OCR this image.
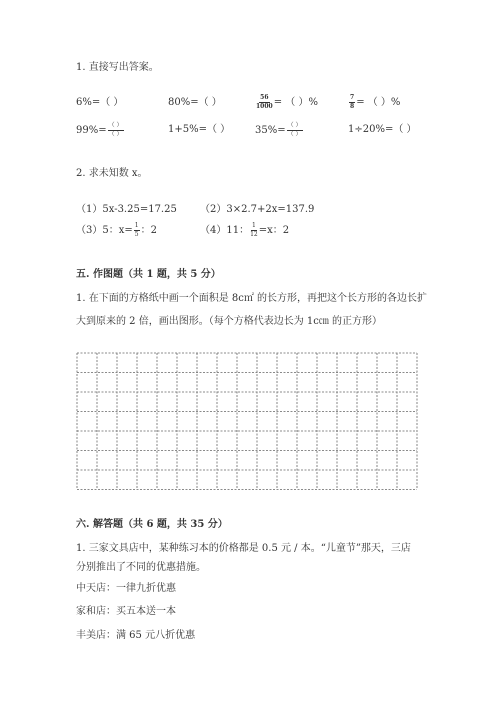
1. 直接写出答案。
6%=（ ）	80%=（ ）	$\frac{56}{1000}$ = （ ）%	$\frac{7}{8}$ = （ ）%
$99\%= \frac{( )}{( )}$	1+5%=（ ） $35\%= \frac{( )}{( )}$	1÷20%=（ ）
2. 求未知数 x。
（1）5x-3.25=17.25 （2）3×2.7+2x=137.9
（3）5：$x= \frac{1}{5}$ ：2	（4）11： $\frac{1}{12} =x$：2
五. 作图题（共 1 题，共 5 分）
1. 在下面的方格纸中画一个面积是 8c㎡ 的长方形，再把这个长方形的各边长扩
大到原来的 2 倍，画出图形。（每个方格代表边长为 1c㎝ 的正方形）
六. 解答题（共 6 题，共 35 分）
1. 三家文具店中，某种练习本的价格都是 0.5 元 / 本。“儿童节”那天，三店
分别推出了不同的优惠措施。
中天店：一律九折优惠
家和店：买五本送一本
丰美店：满 65 元八折优惠
